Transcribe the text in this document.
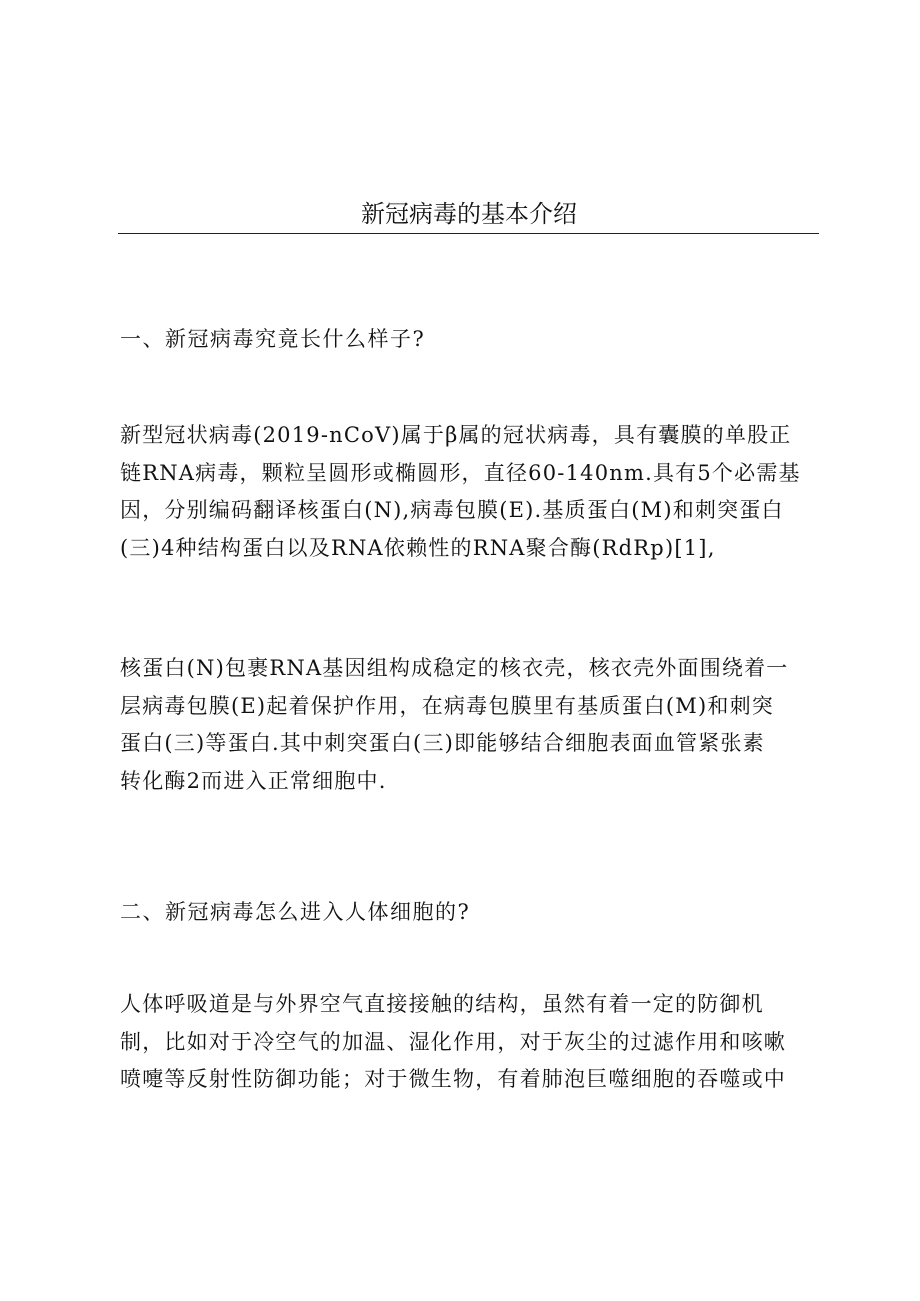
新冠病毒的基本介绍
一、新冠病毒究竟长什么样子?
新型冠状病毒(2019-nCoV)属于β属的冠状病毒，具有囊膜的单股正
链RNA病毒，颗粒呈圆形或椭圆形，直径60-140nm.具有5个必需基
因，分别编码翻译核蛋白(N),病毒包膜(E).基质蛋白(M)和刺突蛋白
(三)4种结构蛋白以及RNA依赖性的RNA聚合酶(RdRp)[1],
核蛋白(N)包裹RNA基因组构成稳定的核衣壳，核衣壳外面围绕着一
层病毒包膜(E)起着保护作用，在病毒包膜里有基质蛋白(M)和刺突
蛋白(三)等蛋白.其中刺突蛋白(三)即能够结合细胞表面血管紧张素
转化酶2而进入正常细胞中.
二、新冠病毒怎么进入人体细胞的?
人体呼吸道是与外界空气直接接触的结构，虽然有着一定的防御机
制，比如对于冷空气的加温、湿化作用，对于灰尘的过滤作用和咳嗽
喷嚏等反射性防御功能；对于微生物，有着肺泡巨噬细胞的吞噬或中
